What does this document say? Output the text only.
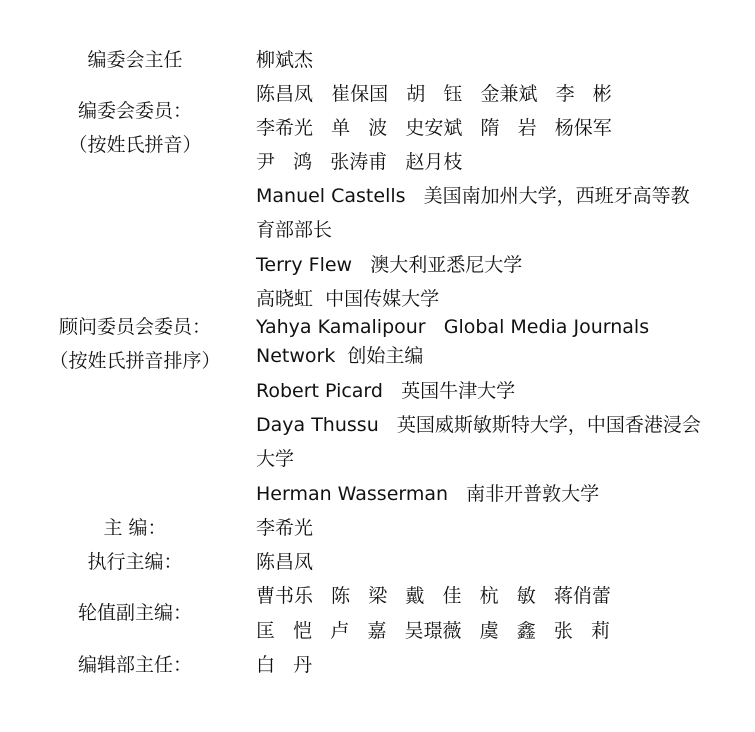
编委会主任	柳斌杰
编委会委员：
（按姓氏拼音）
陈昌凤   崔保国   胡   钰   金兼斌   李   彬
李希光   单   波   史安斌   隋   岩   杨保军
尹   鸿   张涛甫   赵月枝
顾问委员会委员：
（按姓氏拼音排序）
Manuel Castells   美国南加州大学，西班牙高等教
育部部长
Terry Flew   澳大利亚悉尼大学
高晓虹  中国传媒大学
Yahya Kamalipour   Global Media Journals
Network  创始主编
Robert Picard   英国牛津大学
Daya Thussu   英国威斯敏斯特大学，中国香港浸会
大学
Herman Wasserman   南非开普敦大学
主 编：	李希光
执行主编：	陈昌凤
轮值副主编：
曹书乐   陈   梁   戴   佳   杭   敏   蒋俏蕾
匡   恺   卢   嘉   吴璟薇   虞   鑫   张   莉
编辑部主任：	白   丹
